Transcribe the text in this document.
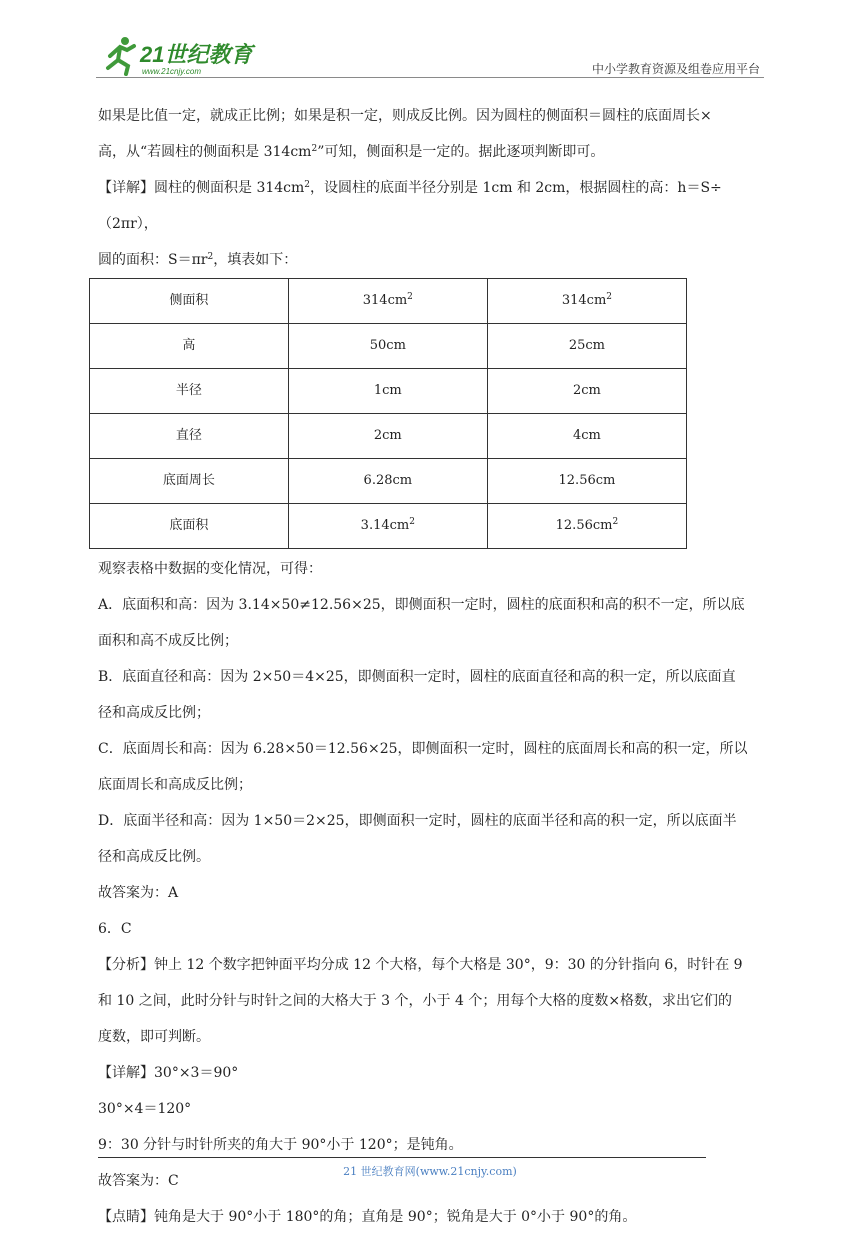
21世纪教育
www.21cnjy.com	中小学教育资源及组卷应用平台

如果是比值一定，就成正比例；如果是积一定，则成反比例。因为圆柱的侧面积＝圆柱的底面周长×

高，从“若圆柱的侧面积是 $314cm^2$”可知，侧面积是一定的。据此逐项判断即可。

【详解】圆柱的侧面积是 $314cm^2$，设圆柱的底面半径分别是 1cm 和 2cm，根据圆柱的高：h＝S÷（2πr），

圆的面积：$S=\pi r^2$，填表如下：

侧面积	$314cm^2$	$314cm^2$
高	50cm	25cm
半径	1cm	2cm
直径	2cm	4cm
底面周长	6.28cm	12.56cm
底面积	$3.14cm^2$	$12.56cm^2$

观察表格中数据的变化情况，可得：

A．底面积和高：因为 3.14×50≠12.56×25，即侧面积一定时，圆柱的底面积和高的积不一定，所以底

面积和高不成反比例；

B．底面直径和高：因为 2×50＝4×25，即侧面积一定时，圆柱的底面直径和高的积一定，所以底面直

径和高成反比例；

C．底面周长和高：因为 6.28×50＝12.56×25，即侧面积一定时，圆柱的底面周长和高的积一定，所以

底面周长和高成反比例；

D．底面半径和高：因为 1×50＝2×25，即侧面积一定时，圆柱的底面半径和高的积一定，所以底面半

径和高成反比例。

故答案为：A

6．C

【分析】钟上 12 个数字把钟面平均分成 12 个大格，每个大格是 30°，9：30 的分针指向 6，时针在 9

和 10 之间，此时分针与时针之间的大格大于 3 个，小于 4 个；用每个大格的度数×格数，求出它们的

度数，即可判断。

【详解】30°×3＝90°

30°×4＝120°

9：30 分针与时针所夹的角大于 90°小于 120°；是钝角。

故答案为：C

【点睛】钝角是大于 90°小于 180°的角；直角是 90°；锐角是大于 0°小于 90°的角。

21 世纪教育网(www.21cnjy.com)
